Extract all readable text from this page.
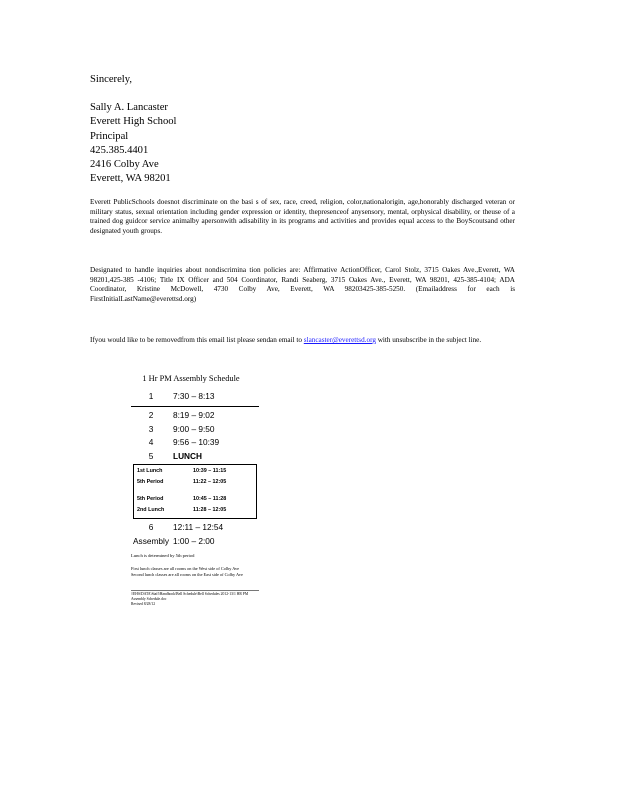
Sincerely,
Sally A. Lancaster
Everett High School
Principal
425.385.4401
2416 Colby Ave
Everett, WA 98201
Everett PublicSchools doesnot discriminate on the basi s of sex, race, creed, religion, color,nationalorigin, age,honorably discharged veteran or military status, sexual orientation including gender expression or identity, thepresenceof anysensory, mental, orphysical disability, or theuse of a trained dog guidcor service animalby apersonwith adisability in its programs and activities and provides equal access to the BoyScoutsand other designated youth groups.
Designated to handle inquiries about nondiscrimina tion policies are: Affirmative ActionOfficer, Carol Stolz, 3715 Oakes Ave.,Everett, WA 98201,425-385 -4106; Title IX Officer and 504 Coordinator, Randi Seaberg, 3715 Oakes Ave., Everett, WA 98201, 425-385-4104; ADA Coordinator, Kristine McDowell, 4730 Colby Ave, Everett, WA 98203425-385-5250. (Emailaddress for each is FirstInitialLastName@everettsd.org)
Ifyou would like to be removedfrom this email list please sendan email to slancaster@everettsd.org with unsubscribe in the subject line.
1 Hr PM Assembly Schedule
1	7:30 – 8:13
2	8:19 – 9:02
3	9:00 – 9:50
4	9:56 – 10:39
5	LUNCH
1st Lunch	10:39 – 11:15
5th Period	11:22 – 12:05
5th Period	10:45 – 11:28
2nd Lunch	11:28 – 12:05
6	12:11 – 12:54
Assembly 1:00 – 2:00
Lunch is determined by 5th period
First lunch classes are all rooms on the West side of Colby Ave
Second lunch classes are all rooms on the East side of Colby Ave
\\EHS\DATA\Staff\Handbook\Bell Schedule\Bell Schedules 2012-13\1 HR PM Assembly Schedule.doc
Revised 8/28/12
